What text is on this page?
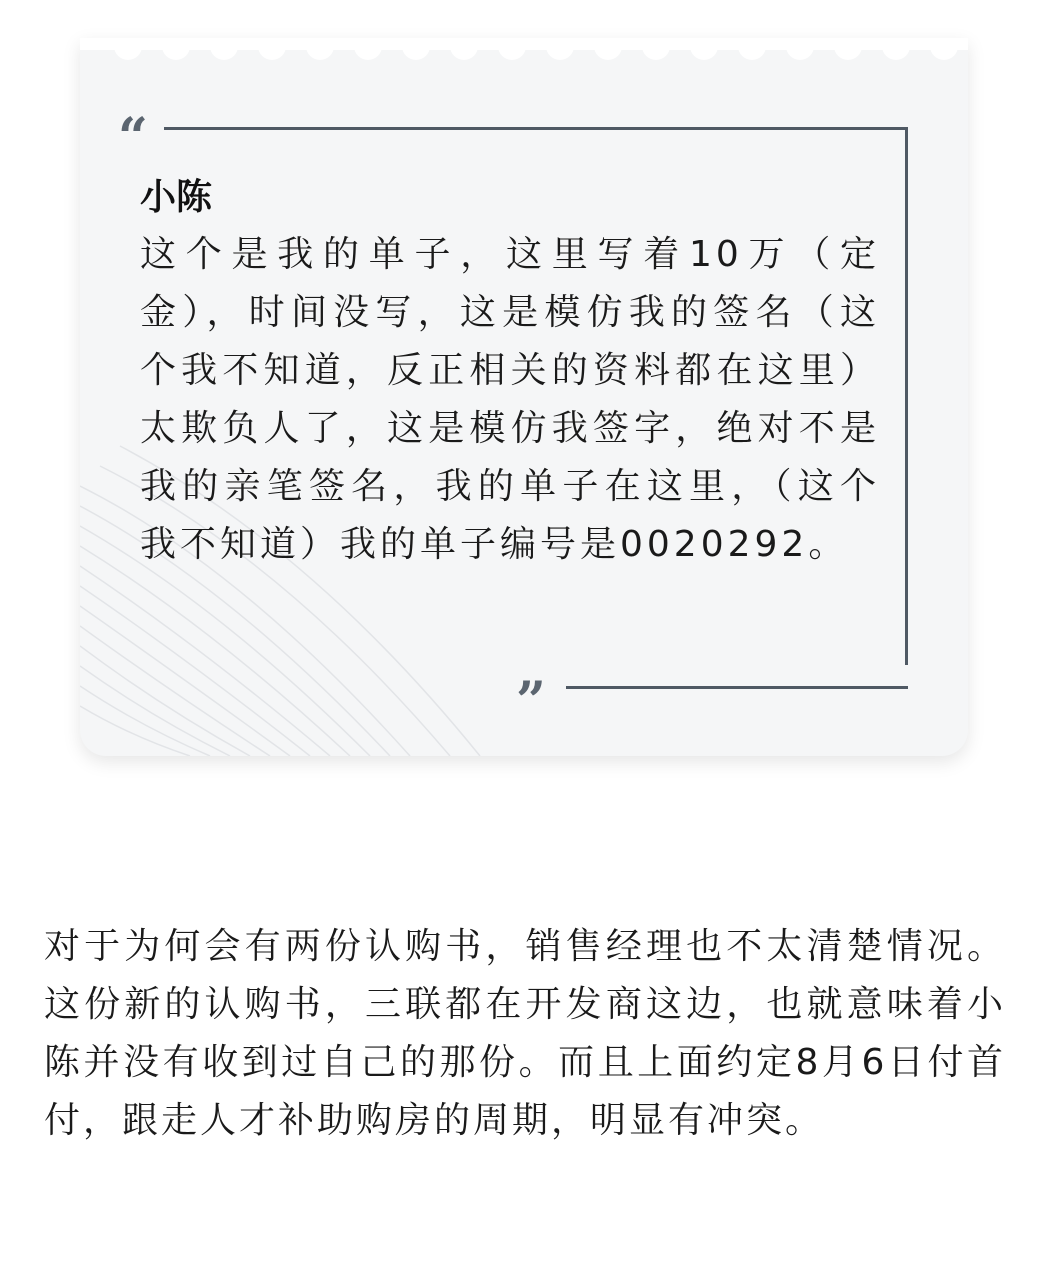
“
小陈
这个是我的单子，这里写着10万（定金），时间没写，这是模仿我的签名（这个我不知道，反正相关的资料都在这里）太欺负人了，这是模仿我签字，绝对不是我的亲笔签名，我的单子在这里，（这个我不知道）我的单子编号是0020292。
”
对于为何会有两份认购书，销售经理也不太清楚情况。这份新的认购书，三联都在开发商这边，也就意味着小陈并没有收到过自己的那份。而且上面约定8月6日付首付，跟走人才补助购房的周期，明显有冲突。
